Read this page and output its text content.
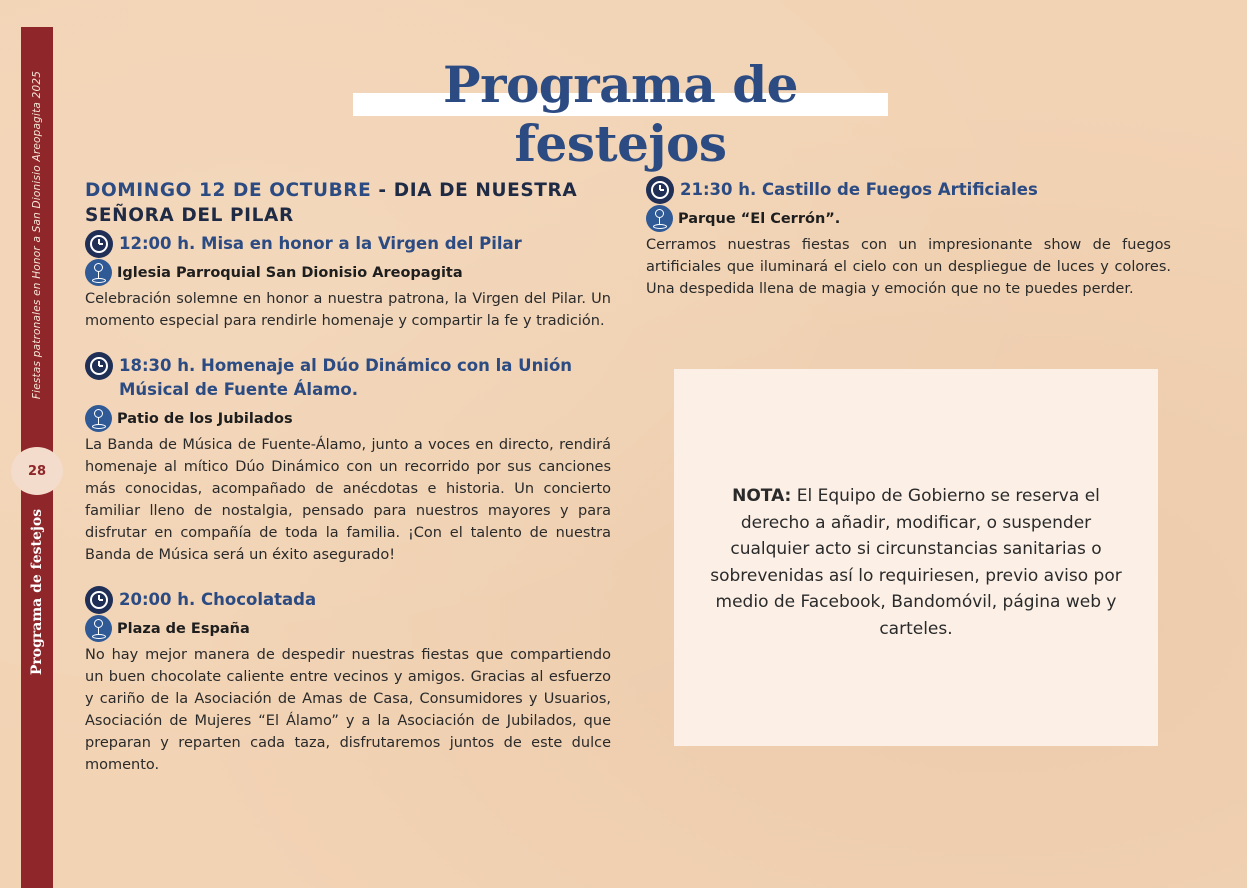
Fiestas patronales en Honor a San Dionisio Areopagita 2025
28
Programa de festejos
Programa de festejos
DOMINGO 12 DE OCTUBRE - DIA DE NUESTRA SEÑORA DEL PILAR
12:00 h. Misa en honor a la Virgen del Pilar
Iglesia Parroquial San Dionisio Areopagita

Celebración solemne en honor a nuestra patrona, la Virgen del Pilar. Un momento especial para rendirle homenaje y compartir la fe y tradición.

18:30 h. Homenaje al Dúo Dinámico con la Unión Músical de Fuente Álamo.
Patio de los Jubilados

La Banda de Música de Fuente-Álamo, junto a voces en directo, rendirá homenaje al mítico Dúo Dinámico con un recorrido por sus canciones más conocidas, acompañado de anécdotas e historia. Un concierto familiar lleno de nostalgia, pensado para nuestros mayores y para disfrutar en compañía de toda la familia. ¡Con el talento de nuestra Banda de Música será un éxito asegurado!

20:00 h. Chocolatada
Plaza de España

No hay mejor manera de despedir nuestras fiestas que compartiendo un buen chocolate caliente entre vecinos y amigos. Gracias al esfuerzo y cariño de la Asociación de Amas de Casa, Consumidores y Usuarios, Asociación de Mujeres “El Álamo” y a la Asociación de Jubilados, que preparan y reparten cada taza, disfrutaremos juntos de este dulce momento.

21:30 h. Castillo de Fuegos Artificiales
Parque “El Cerrón”.

Cerramos nuestras fiestas con un impresionante show de fuegos artificiales que iluminará el cielo con un despliegue de luces y colores. Una despedida llena de magia y emoción que no te puedes perder.

NOTA: El Equipo de Gobierno se reserva el derecho a añadir, modificar, o suspender cualquier acto si circunstancias sanitarias o sobrevenidas así lo requiriesen, previo aviso por medio de Facebook, Bandomóvil, página web y carteles.
